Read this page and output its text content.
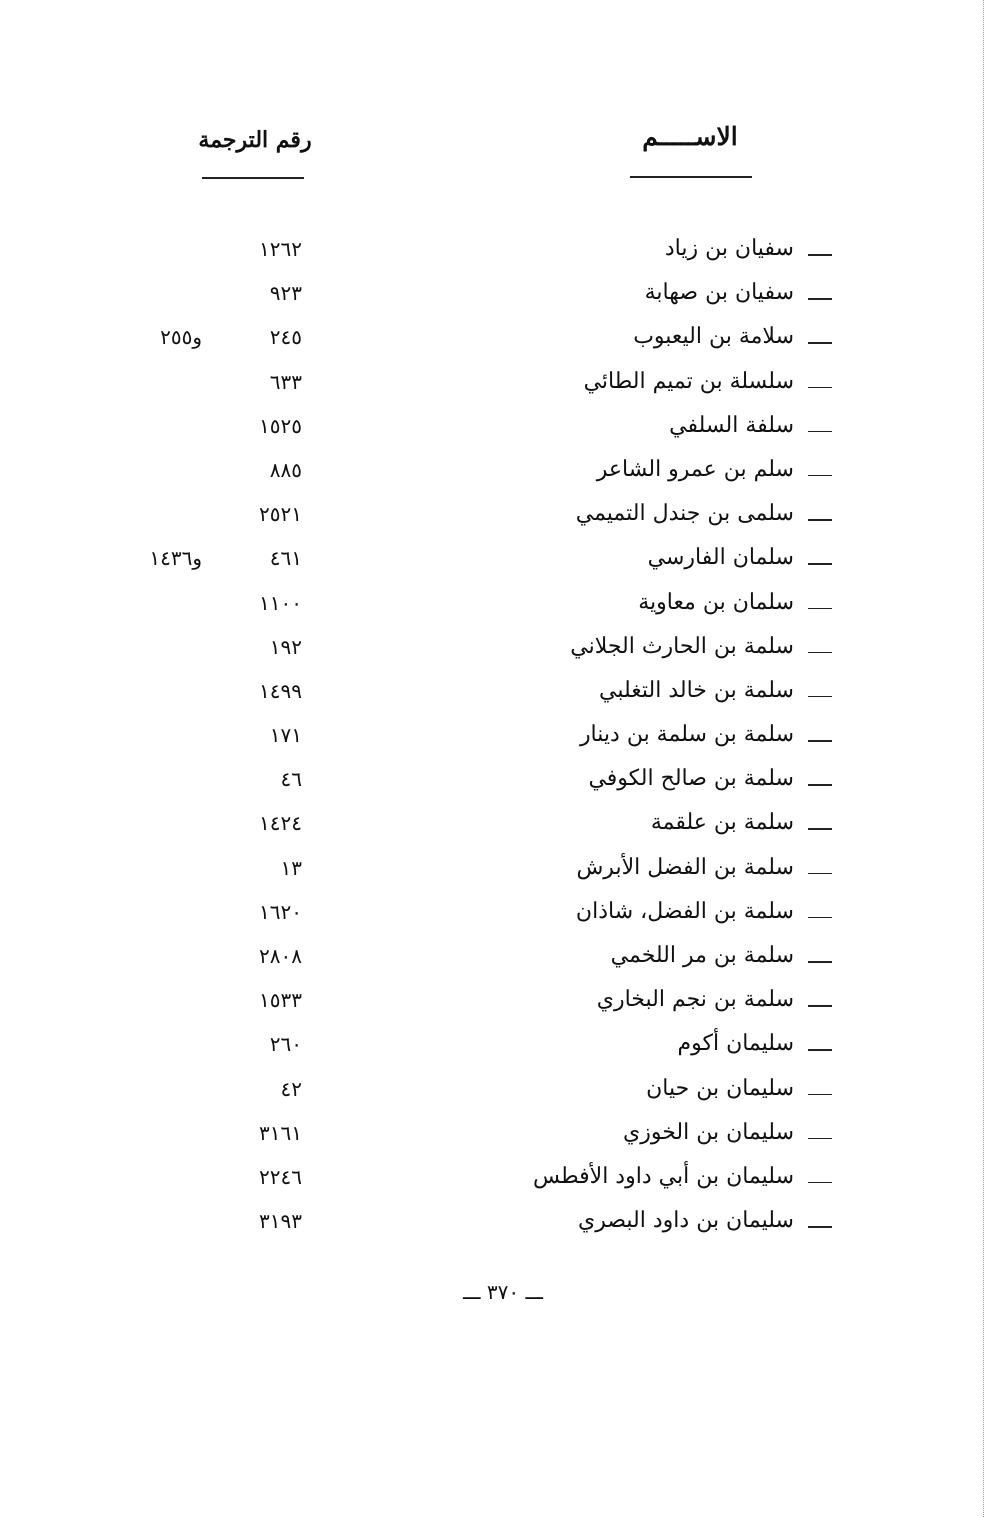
الاســـــم
رقم الترجمة
سفيان بن زياد
١٢٦٢
سفيان بن صهابة
٩٢٣
سلامة بن اليعبوب
٢٤٥
و٢٥٥
سلسلة بن تميم الطائي
٦٣٣
سلفة السلفي
١٥٢٥
سلم بن عمرو الشاعر
٨٨٥
سلمى بن جندل التميمي
٢٥٢١
سلمان الفارسي
٤٦١
و١٤٣٦
سلمان بن معاوية
١١٠٠
سلمة بن الحارث الجلاني
١٩٢
سلمة بن خالد التغلبي
١٤٩٩
سلمة بن سلمة بن دينار
١٧١
سلمة بن صالح الكوفي
٤٦
سلمة بن علقمة
١٤٢٤
سلمة بن الفضل الأبرش
١٣
سلمة بن الفضل، شاذان
١٦٢٠
سلمة بن مر اللخمي
٢٨٠٨
سلمة بن نجم البخاري
١٥٣٣
سليمان أكوم
٢٦٠
سليمان بن حيان
٤٢
سليمان بن الخوزي
٣١٦١
سليمان بن أبي داود الأفطس
٢٢٤٦
سليمان بن داود البصري
٣١٩٣
ـــ ٣٧٠ ـــ
